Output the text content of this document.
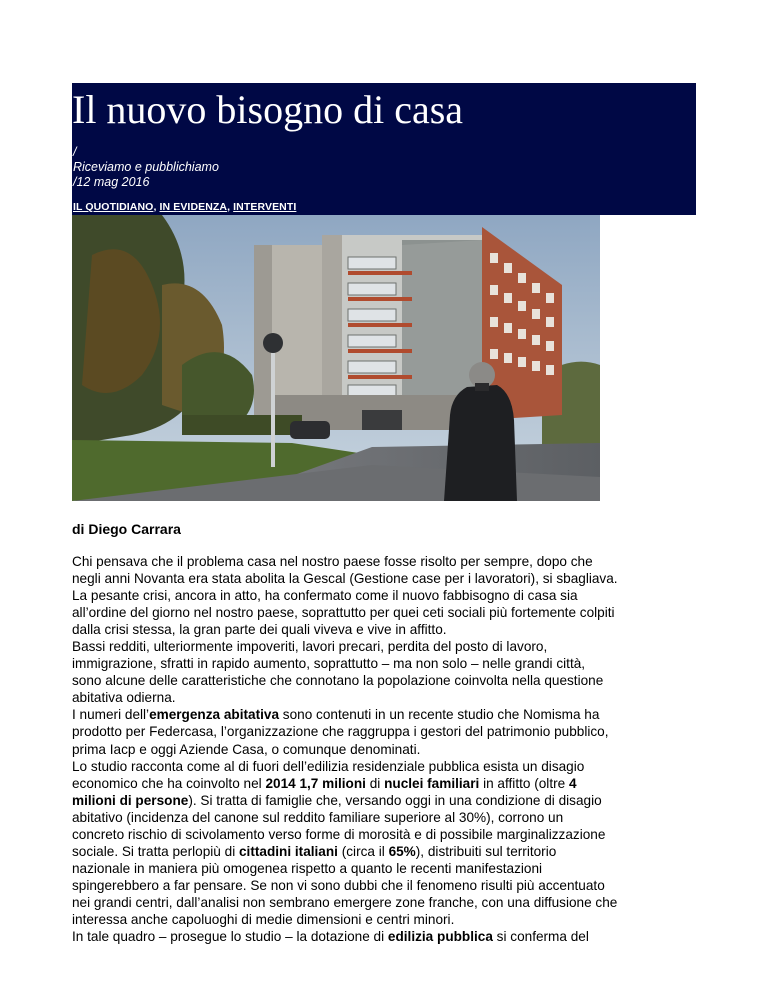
Il nuovo bisogno di casa
/
Riceviamo e pubblichiamo
/12 mag 2016
IL QUOTIDIANO, IN EVIDENZA, INTERVENTI
di Diego Carrara
Chi pensava che il problema casa nel nostro paese fosse risolto per sempre, dopo che
negli anni Novanta era stata abolita la Gescal (Gestione case per i lavoratori), si sbagliava.
La pesante crisi, ancora in atto, ha confermato come il nuovo fabbisogno di casa sia
all’ordine del giorno nel nostro paese, soprattutto per quei ceti sociali più fortemente colpiti
dalla crisi stessa, la gran parte dei quali viveva e vive in affitto.
Bassi redditi, ulteriormente impoveriti, lavori precari, perdita del posto di lavoro,
immigrazione, sfratti in rapido aumento, soprattutto – ma non solo – nelle grandi città,
sono alcune delle caratteristiche che connotano la popolazione coinvolta nella questione
abitativa odierna.
I numeri dell’emergenza abitativa sono contenuti in un recente studio che Nomisma ha
prodotto per Federcasa, l’organizzazione che raggruppa i gestori del patrimonio pubblico,
prima Iacp e oggi Aziende Casa, o comunque denominati.
Lo studio racconta come al di fuori dell’edilizia residenziale pubblica esista un disagio
economico che ha coinvolto nel 2014 1,7 milioni di nuclei familiari in affitto (oltre 4
milioni di persone). Si tratta di famiglie che, versando oggi in una condizione di disagio
abitativo (incidenza del canone sul reddito familiare superiore al 30%), corrono un
concreto rischio di scivolamento verso forme di morosità e di possibile marginalizzazione
sociale. Si tratta perlopiù di cittadini italiani (circa il 65%), distribuiti sul territorio
nazionale in maniera più omogenea rispetto a quanto le recenti manifestazioni
spingerebbero a far pensare. Se non vi sono dubbi che il fenomeno risulti più accentuato
nei grandi centri, dall’analisi non sembrano emergere zone franche, con una diffusione che
interessa anche capoluoghi di medie dimensioni e centri minori.
In tale quadro – prosegue lo studio – la dotazione di edilizia pubblica si conferma del
